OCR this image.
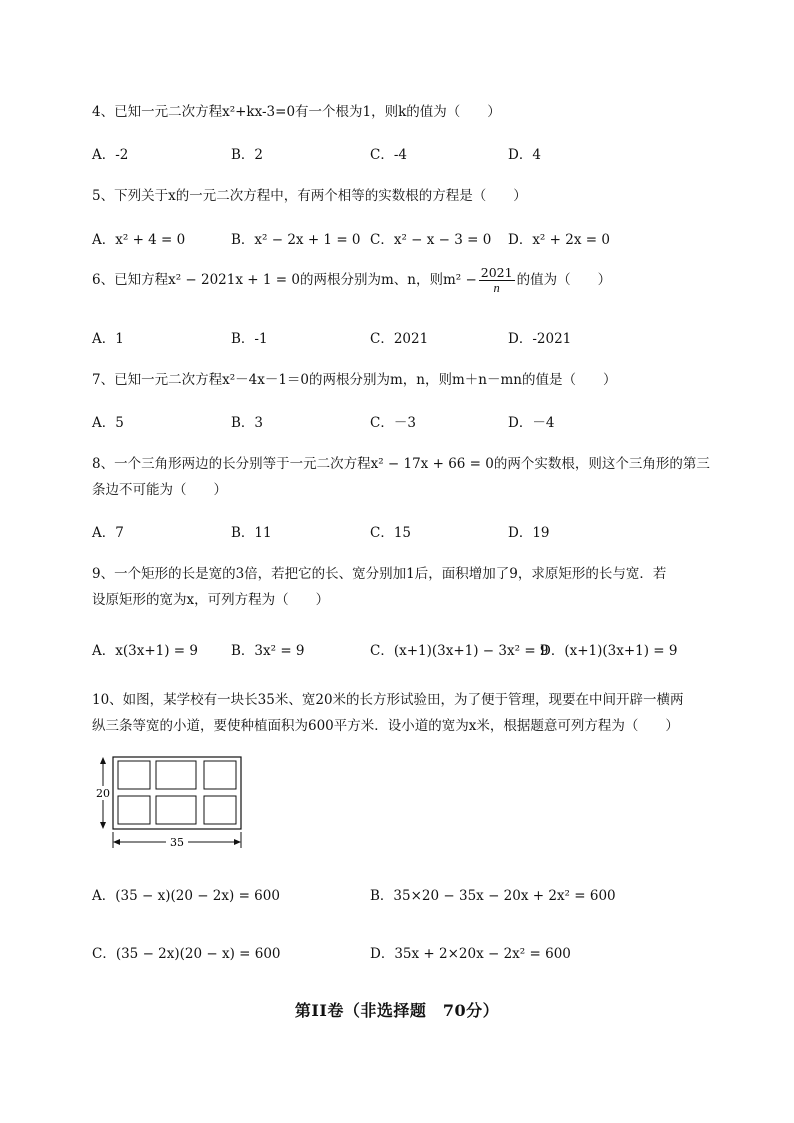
4、已知一元二次方程x²+kx-3=0有一个根为1，则k的值为（　　）
A．-2	B．2	C．-4	D．4
5、下列关于x的一元二次方程中，有两个相等的实数根的方程是（　　）
A．x² + 4 = 0	B．x² − 2x + 1 = 0 C．x² − x − 3 = 0 D．x² + 2x = 0
6、已知方程x² − 2021x + 1 = 0的两根分别为m、n，则$m^2 - \frac{2021}{n}$ 的值为（　　）
A．1	B．-1	C．2021	D．-2021
7、已知一元二次方程x²－4x－1＝0的两根分别为m，n，则m＋n－mn的值是（　　）
A．5	B．3	C．－3	D．－4
8、一个三角形两边的长分别等于一元二次方程x² − 17x + 66 = 0的两个实数根，则这个三角形的第三
条边不可能为（　　）
A．7	B．11	C．15	D．19
9、一个矩形的长是宽的3倍，若把它的长、宽分别加1后，面积增加了9，求原矩形的长与宽．若
设原矩形的宽为x，可列方程为（　　）
A．x(3x+1) = 9 B．3x² = 9	C．(x+1)(3x+1) − 3x² = 9
D．(x+1)(3x+1) = 9
10、如图，某学校有一块长35米、宽20米的长方形试验田，为了便于管理，现要在中间开辟一横两
纵三条等宽的小道，要使种植面积为600平方米．设小道的宽为x米，根据题意可列方程为（　　）
20
35
A．(35 − x)(20 − 2x) = 600	B．35×20 − 35x − 20x + 2x² = 600
C．(35 − 2x)(20 − x) = 600	D．35x + 2×20x − 2x² = 600
第II卷（非选择题　70分）
